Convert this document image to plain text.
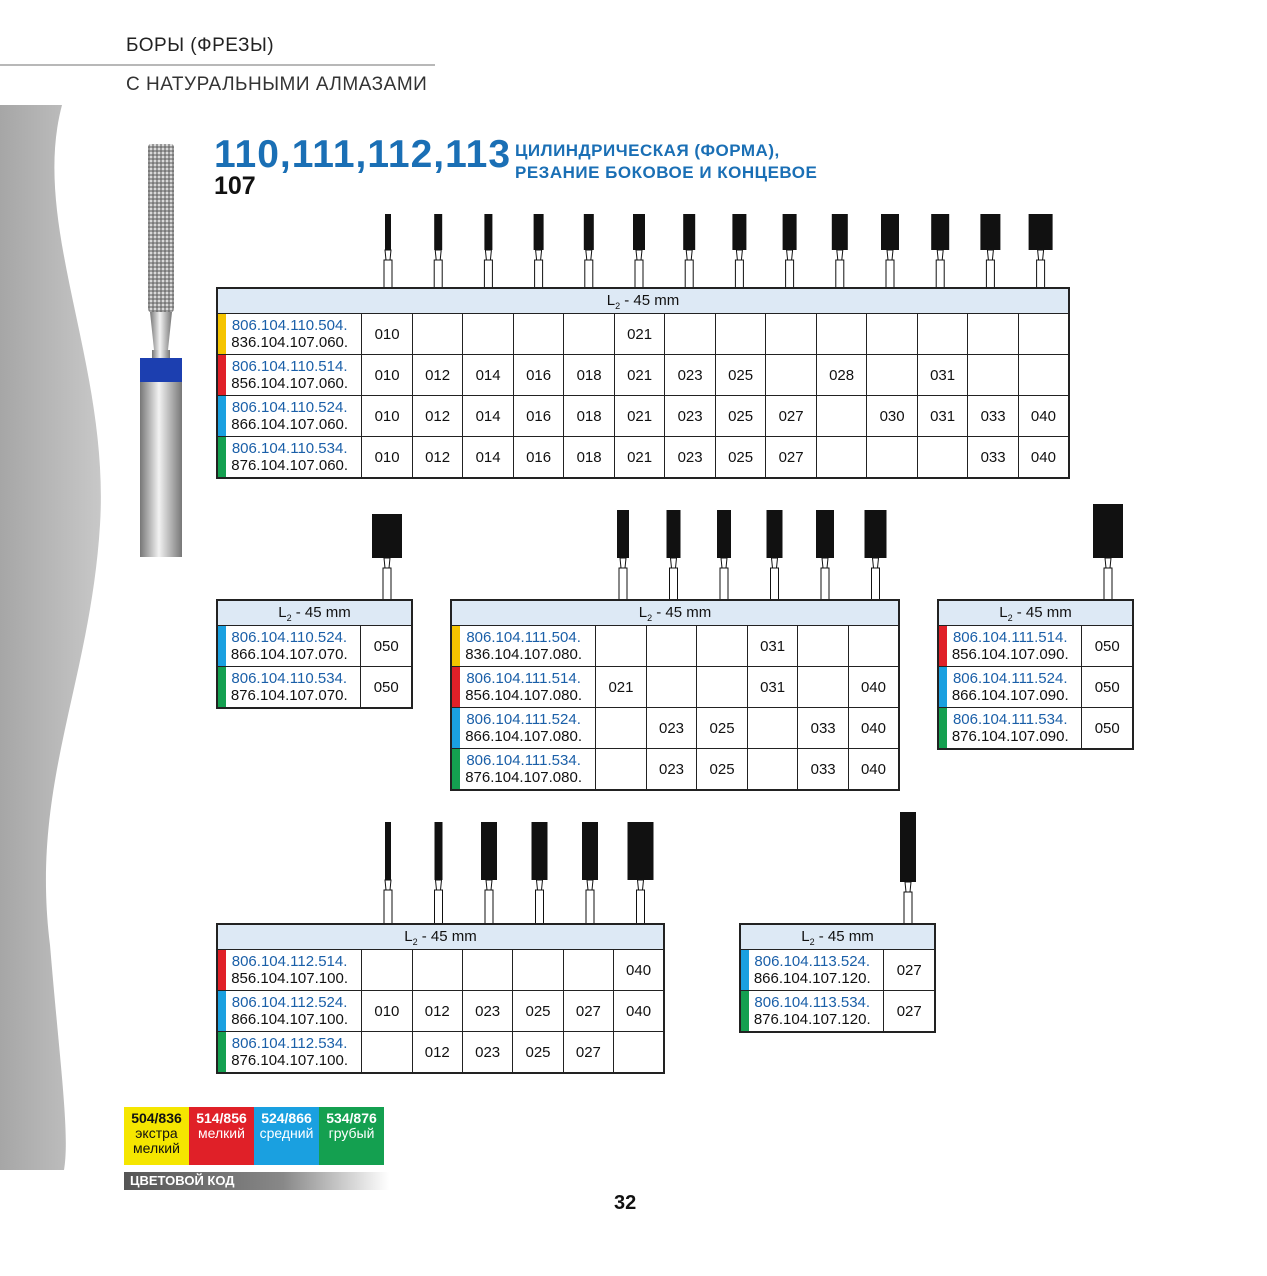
БОРЫ (ФРЕЗЫ)
С НАТУРАЛЬНЫМИ АЛМАЗАМИ
110,111,112,113
107
ЦИЛИНДРИЧЕСКАЯ (ФОРМА),
РЕЗАНИЕ БОКОВОЕ И КОНЦЕВОЕ
$L_2 - 45$ mm														

806.104.110.504.
836.104.107.060.	010					021								

806.104.110.514.
856.104.107.060.	010	012	014	016	018	021	023	025		028		031		

806.104.110.524.
866.104.107.060.	010	012	014	016	018	021	023	025	027		030	031	033	040

806.104.110.534.
876.104.107.060.	010	012	014	016	018	021	023	025	027				033	040
$L_2 - 45$ mm	

806.104.110.524.
866.104.107.070.	050

806.104.110.534.
876.104.107.070.	050
$L_2 - 45$ mm						

806.104.111.504.
836.104.107.080.				031		

806.104.111.514.
856.104.107.080.	021			031		040

806.104.111.524.
866.104.107.080.		023	025		033	040

806.104.111.534.
876.104.107.080.		023	025		033	040
$L_2 - 45$ mm	

806.104.111.514.
856.104.107.090.	050

806.104.111.524.
866.104.107.090.	050

806.104.111.534.
876.104.107.090.	050
$L_2 - 45$ mm						

806.104.112.514.
856.104.107.100.						040

806.104.112.524.
866.104.107.100.	010	012	023	025	027	040

806.104.112.534.
876.104.107.100.		012	023	025	027	
$L_2 - 45$ mm	

806.104.113.524.
866.104.107.120.	027

806.104.113.534.
876.104.107.120.	027
504/836
экстра мелкий
514/856
мелкий
524/866
средний
534/876
грубый
ЦВЕТОВОЙ КОД
32
